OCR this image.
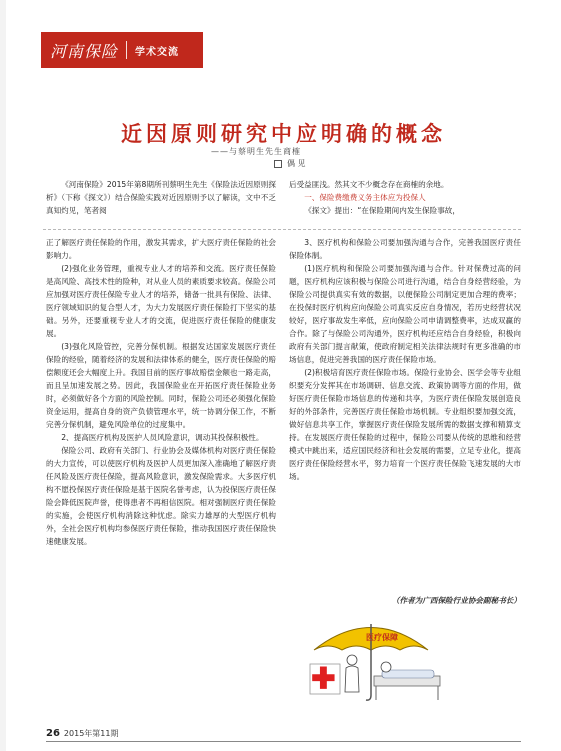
河南保险 学术交流
近因原则研究中应明确的概念
——与蔡明生先生商榷
偶 见

《河南保险》2015年第8期所刊蔡明生先生《保险法近因原则探析》（下称《探文》）结合保险实践对近因原则予以了解读，文中不乏真知灼见，笔者阅

后受益匪浅。然其文不少概念存在商榷的余地。

一、保险费缴费义务主体应为投保人

《探文》提出：“在保险期间内发生保险事故，

正了解医疗责任保险的作用，激发其需求，扩大医疗责任保险的社会影响力。

(2)强化业务管理，重视专业人才的培养和交流。医疗责任保险是高风险、高技术性的险种，对从业人员的素质要求较高。保险公司应加强对医疗责任保险专业人才的培养，储备一批具有保险、法律、医疗领域知识的复合型人才，为大力发展医疗责任保险打下坚实的基础。另外，还要重视专业人才的交流，促进医疗责任保险的健康发展。

(3)强化风险管控，完善分保机制。根据发达国家发展医疗责任保险的经验，随着经济的发展和法律体系的健全，医疗责任保险的赔偿额度还会大幅度上升。我国目前的医疗事故赔偿金额也一路走高，而且呈加速发展之势。因此，我国保险业在开拓医疗责任保险业务时，必须做好各个方面的风险控制。同时，保险公司还必须强化保险资金运用，提高自身的资产负债管理水平，统一协调分保工作，不断完善分保机制，避免风险单位的过度集中。

2、提高医疗机构及医护人员风险意识，调动其投保积极性。

保险公司、政府有关部门、行业协会及媒体机构对医疗责任保险的大力宣传，可以使医疗机构及医护人员更加深入准确地了解医疗责任风险及医疗责任保险，提高风险意识，激发保险需求。大多医疗机构不愿投保医疗责任保险是基于医院名誉考虑，认为投保医疗责任保险会降低医院声誉，使得患者不再相信医院。相对强制医疗责任保险的实施，会使医疗机构消除这种忧虑。除实力雄厚的大型医疗机构外，全社会医疗机构均参保医疗责任保险，推动我国医疗责任保险快速健康发展。

3、医疗机构和保险公司要加强沟通与合作，完善我国医疗责任保险体制。

(1)医疗机构和保险公司要加强沟通与合作。针对保费过高的问题，医疗机构应该积极与保险公司进行沟通，结合自身经营经验，为保险公司提供真实有效的数据，以便保险公司制定更加合理的费率；在投保时医疗机构应向保险公司真实反应自身情况，若历史经营状况较好，医疗事故发生率低，应向保险公司申请调整费率，达成双赢的合作。除了与保险公司沟通外，医疗机构还应结合自身经验，积极向政府有关部门提言献策，使政府制定相关法律法规时有更多准确的市场信息，促进完善我国的医疗责任保险市场。

(2)积极培育医疗责任保险市场。保险行业协会、医学会等专业组织要充分发挥其在市场调研、信息交流、政策协调等方面的作用，做好医疗责任保险市场信息的传递和共享，为医疗责任保险发展创造良好的外部条件，完善医疗责任保险市场机制。专业组织要加强交流，做好信息共享工作，掌握医疗责任保险发展所需的数据支撑和精算支持。在发展医疗责任保险的过程中，保险公司要从传统的思维和经营模式中跳出来，适应国民经济和社会发展的需要，立足专业化，提高医疗责任保险经营水平，努力培育一个医疗责任保险飞速发展的大市场。

（作者为广西保险行业协会副秘书长）

医疗保障
26 2015年第11期
